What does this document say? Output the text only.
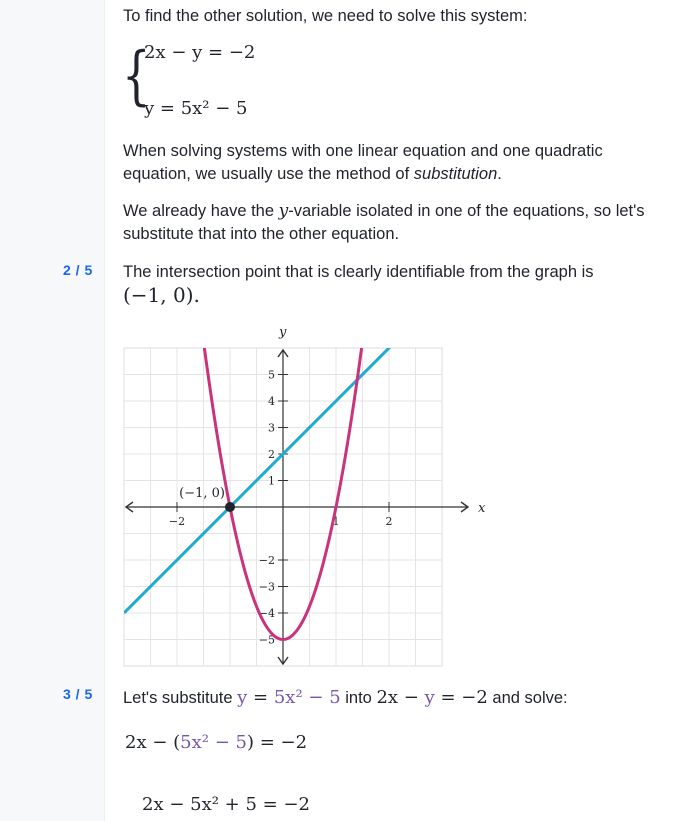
To find the other solution, we need to solve this system:
{
2x − y = −2
y = 5x² − 5
When solving systems with one linear equation and one quadratic equation, we usually use the method of substitution.
We already have the y-variable isolated in one of the equations, so let's substitute that into the other equation.
2 / 5 The intersection point that is clearly identifiable from the graph is
(−1, 0).
x
y
−2	1	2
1
2
3
4
5
−2
−3
−4
−5
(−1, 0)
3 / 5 Let's substitute y = 5x² − 5 into 2x − y = −2 and solve:
2x − (5x² − 5) = −2
2x − 5x² + 5 = −2
